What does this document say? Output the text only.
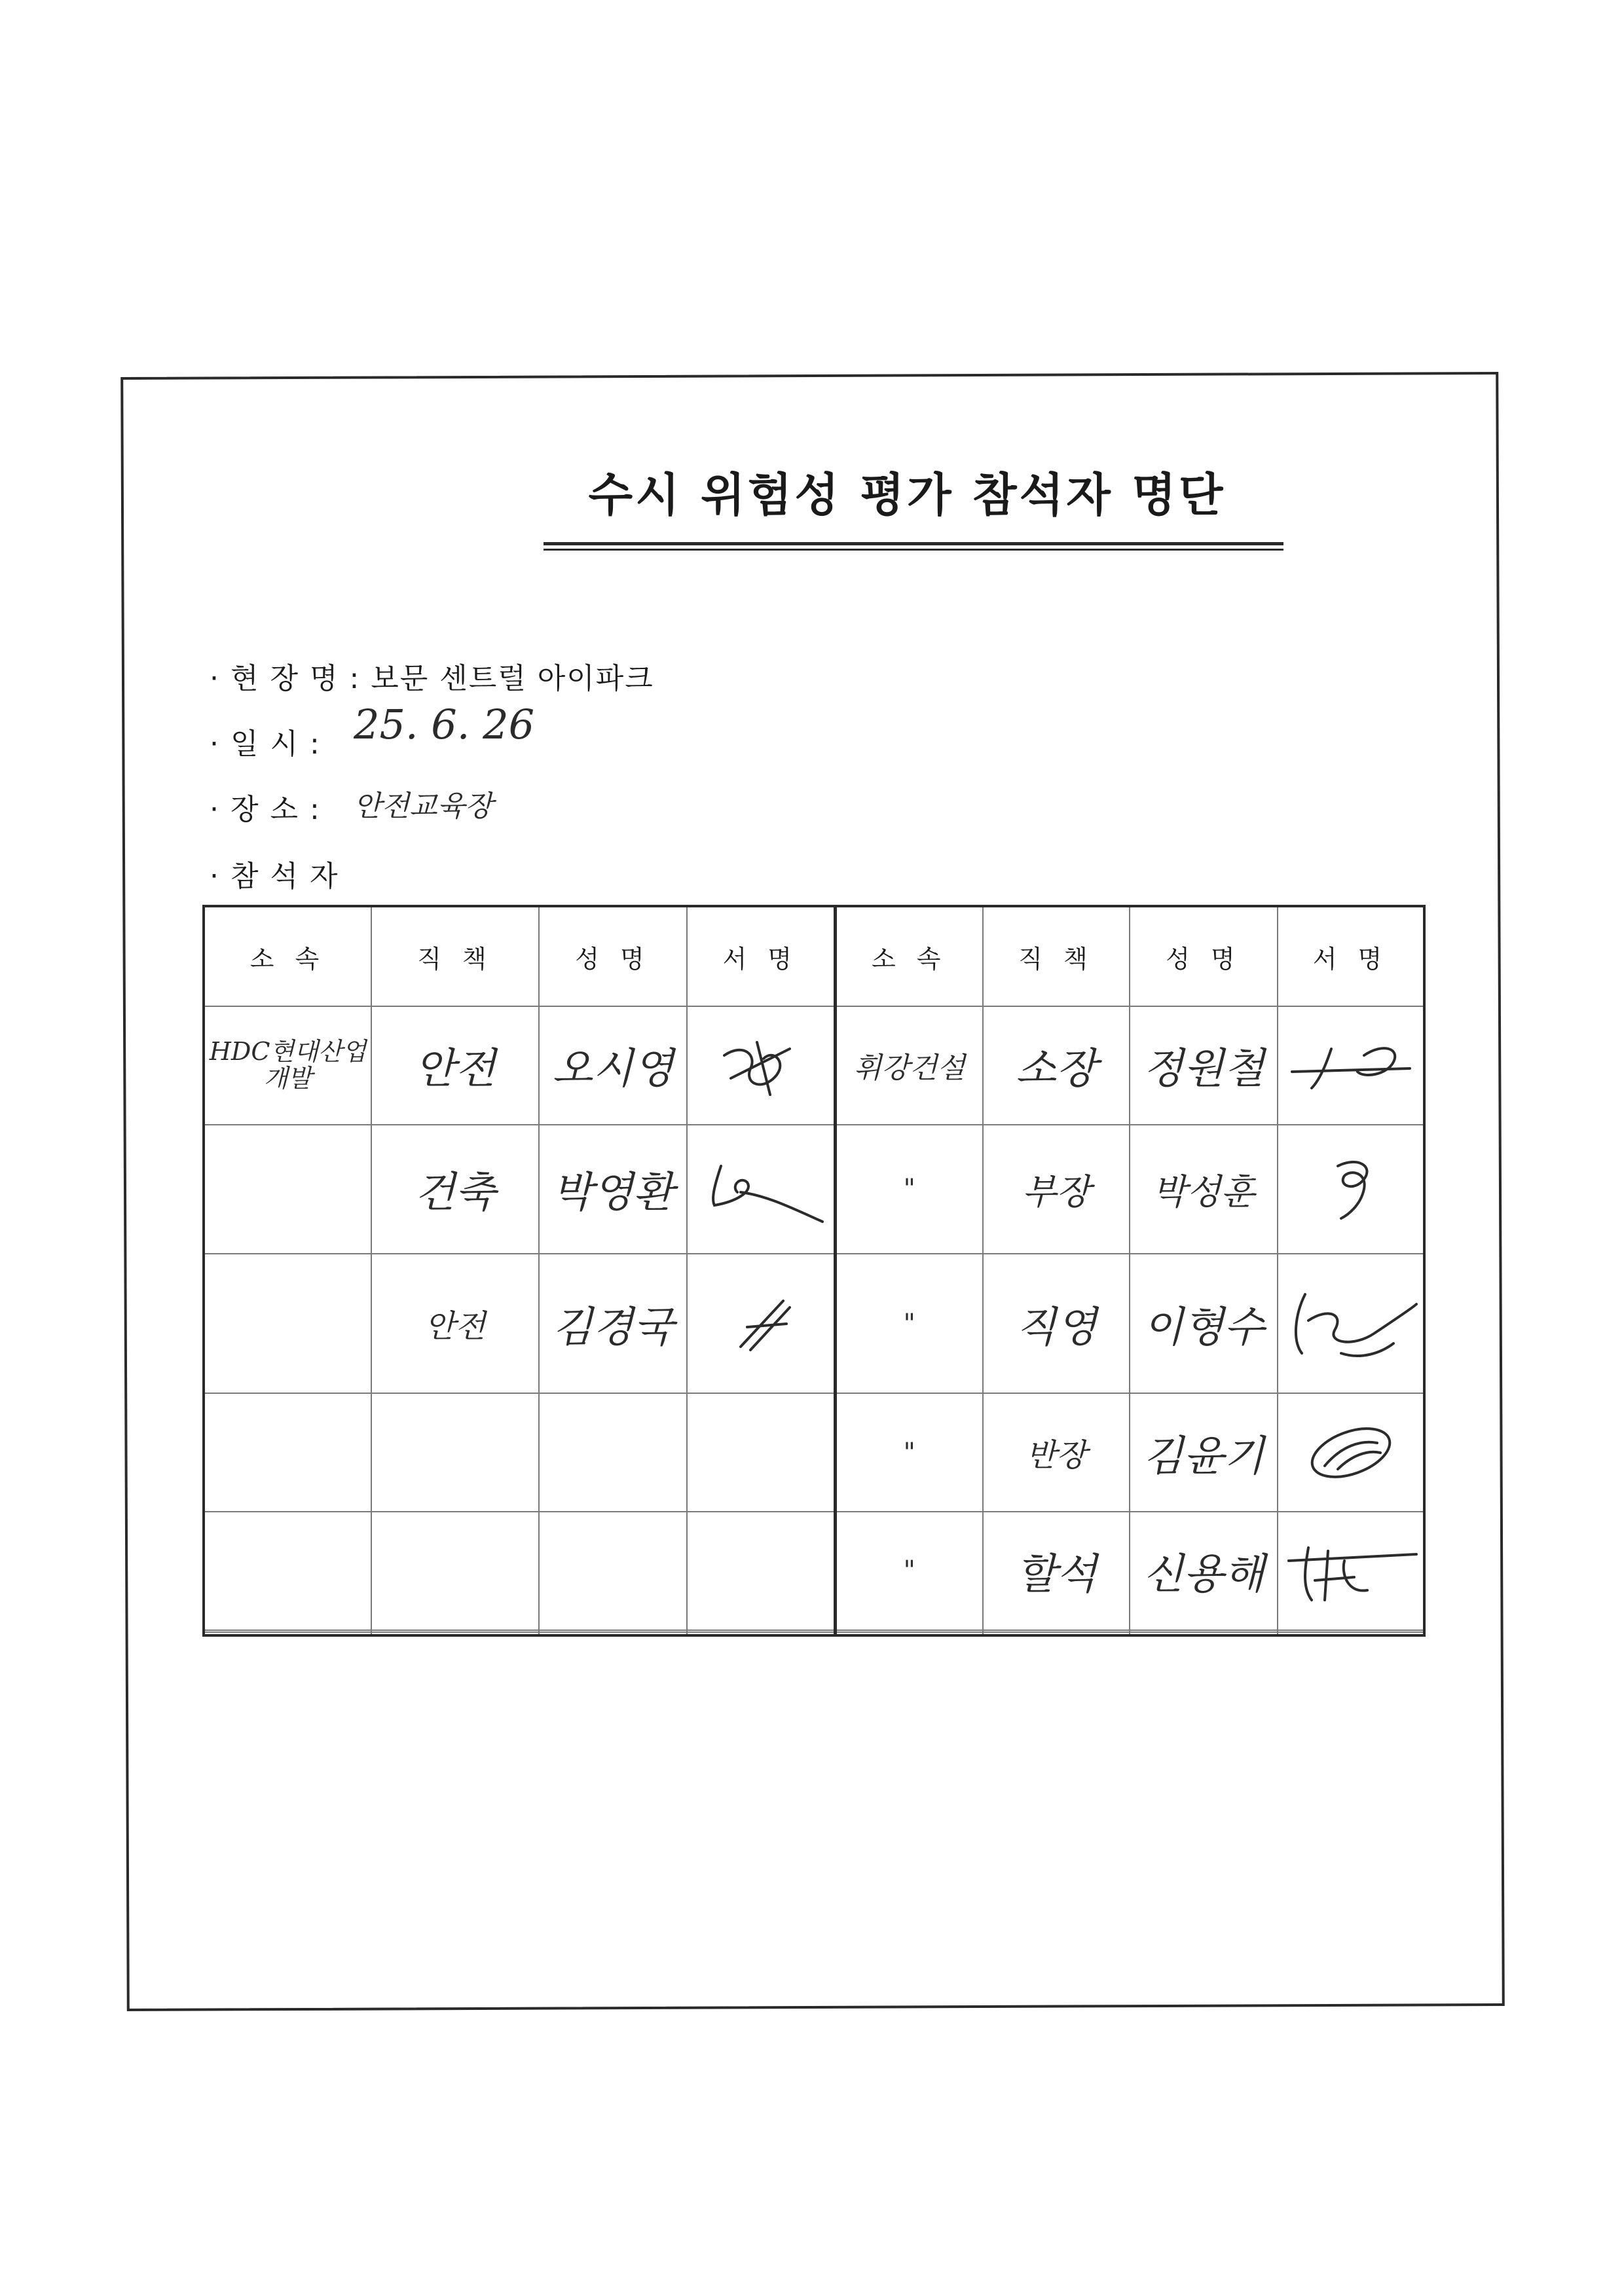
수시 위험성 평가 참석자 명단
· 현 장 명 : 보문 센트럴 아이파크
· 일 시 : 25. 6. 26
· 장 소 : 안전교육장
· 참 석 자
소 속	직 책	성 명	서 명	소 속	직 책	성 명	서 명
HDC현대산업개발	안전	오시영		휘강건설	소장	정원철	

	건축	박영환		"	부장	박성훈	

	안전	김경국		"	직영	이형수	

				"	반장	김윤기	

				"	할석	신용해	
